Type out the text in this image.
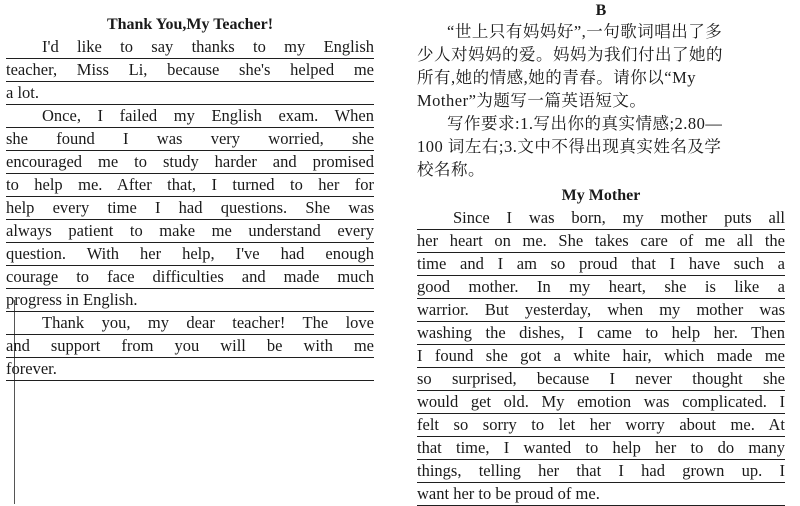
Thank You,My Teacher!
I'd like to say thanks to my English
teacher, Miss Li, because she's helped me
a lot.
Once, I failed my English exam. When
she found I was very worried, she
encouraged me to study harder and promised
to help me. After that, I turned to her for
help every time I had questions. She was
always patient to make me understand every
question. With her help, I've had enough
courage to face difficulties and made much
progress in English.
Thank you, my dear teacher! The love
and support from you will be with me
forever.
B
“世上只有妈妈好”,一句歌词唱出了多
少人对妈妈的爱。妈妈为我们付出了她的
所有,她的情感,她的青春。请你以“My
Mother”为题写一篇英语短文。
写作要求:1.写出你的真实情感;2.80—
100 词左右;3.文中不得出现真实姓名及学
校名称。
My Mother
Since I was born, my mother puts all
her heart on me. She takes care of me all the
time and I am so proud that I have such a
good mother. In my heart, she is like a
warrior. But yesterday, when my mother was
washing the dishes, I came to help her. Then
I found she got a white hair, which made me
so surprised, because I never thought she
would get old. My emotion was complicated. I
felt so sorry to let her worry about me. At
that time, I wanted to help her to do many
things, telling her that I had grown up. I
want her to be proud of me.
